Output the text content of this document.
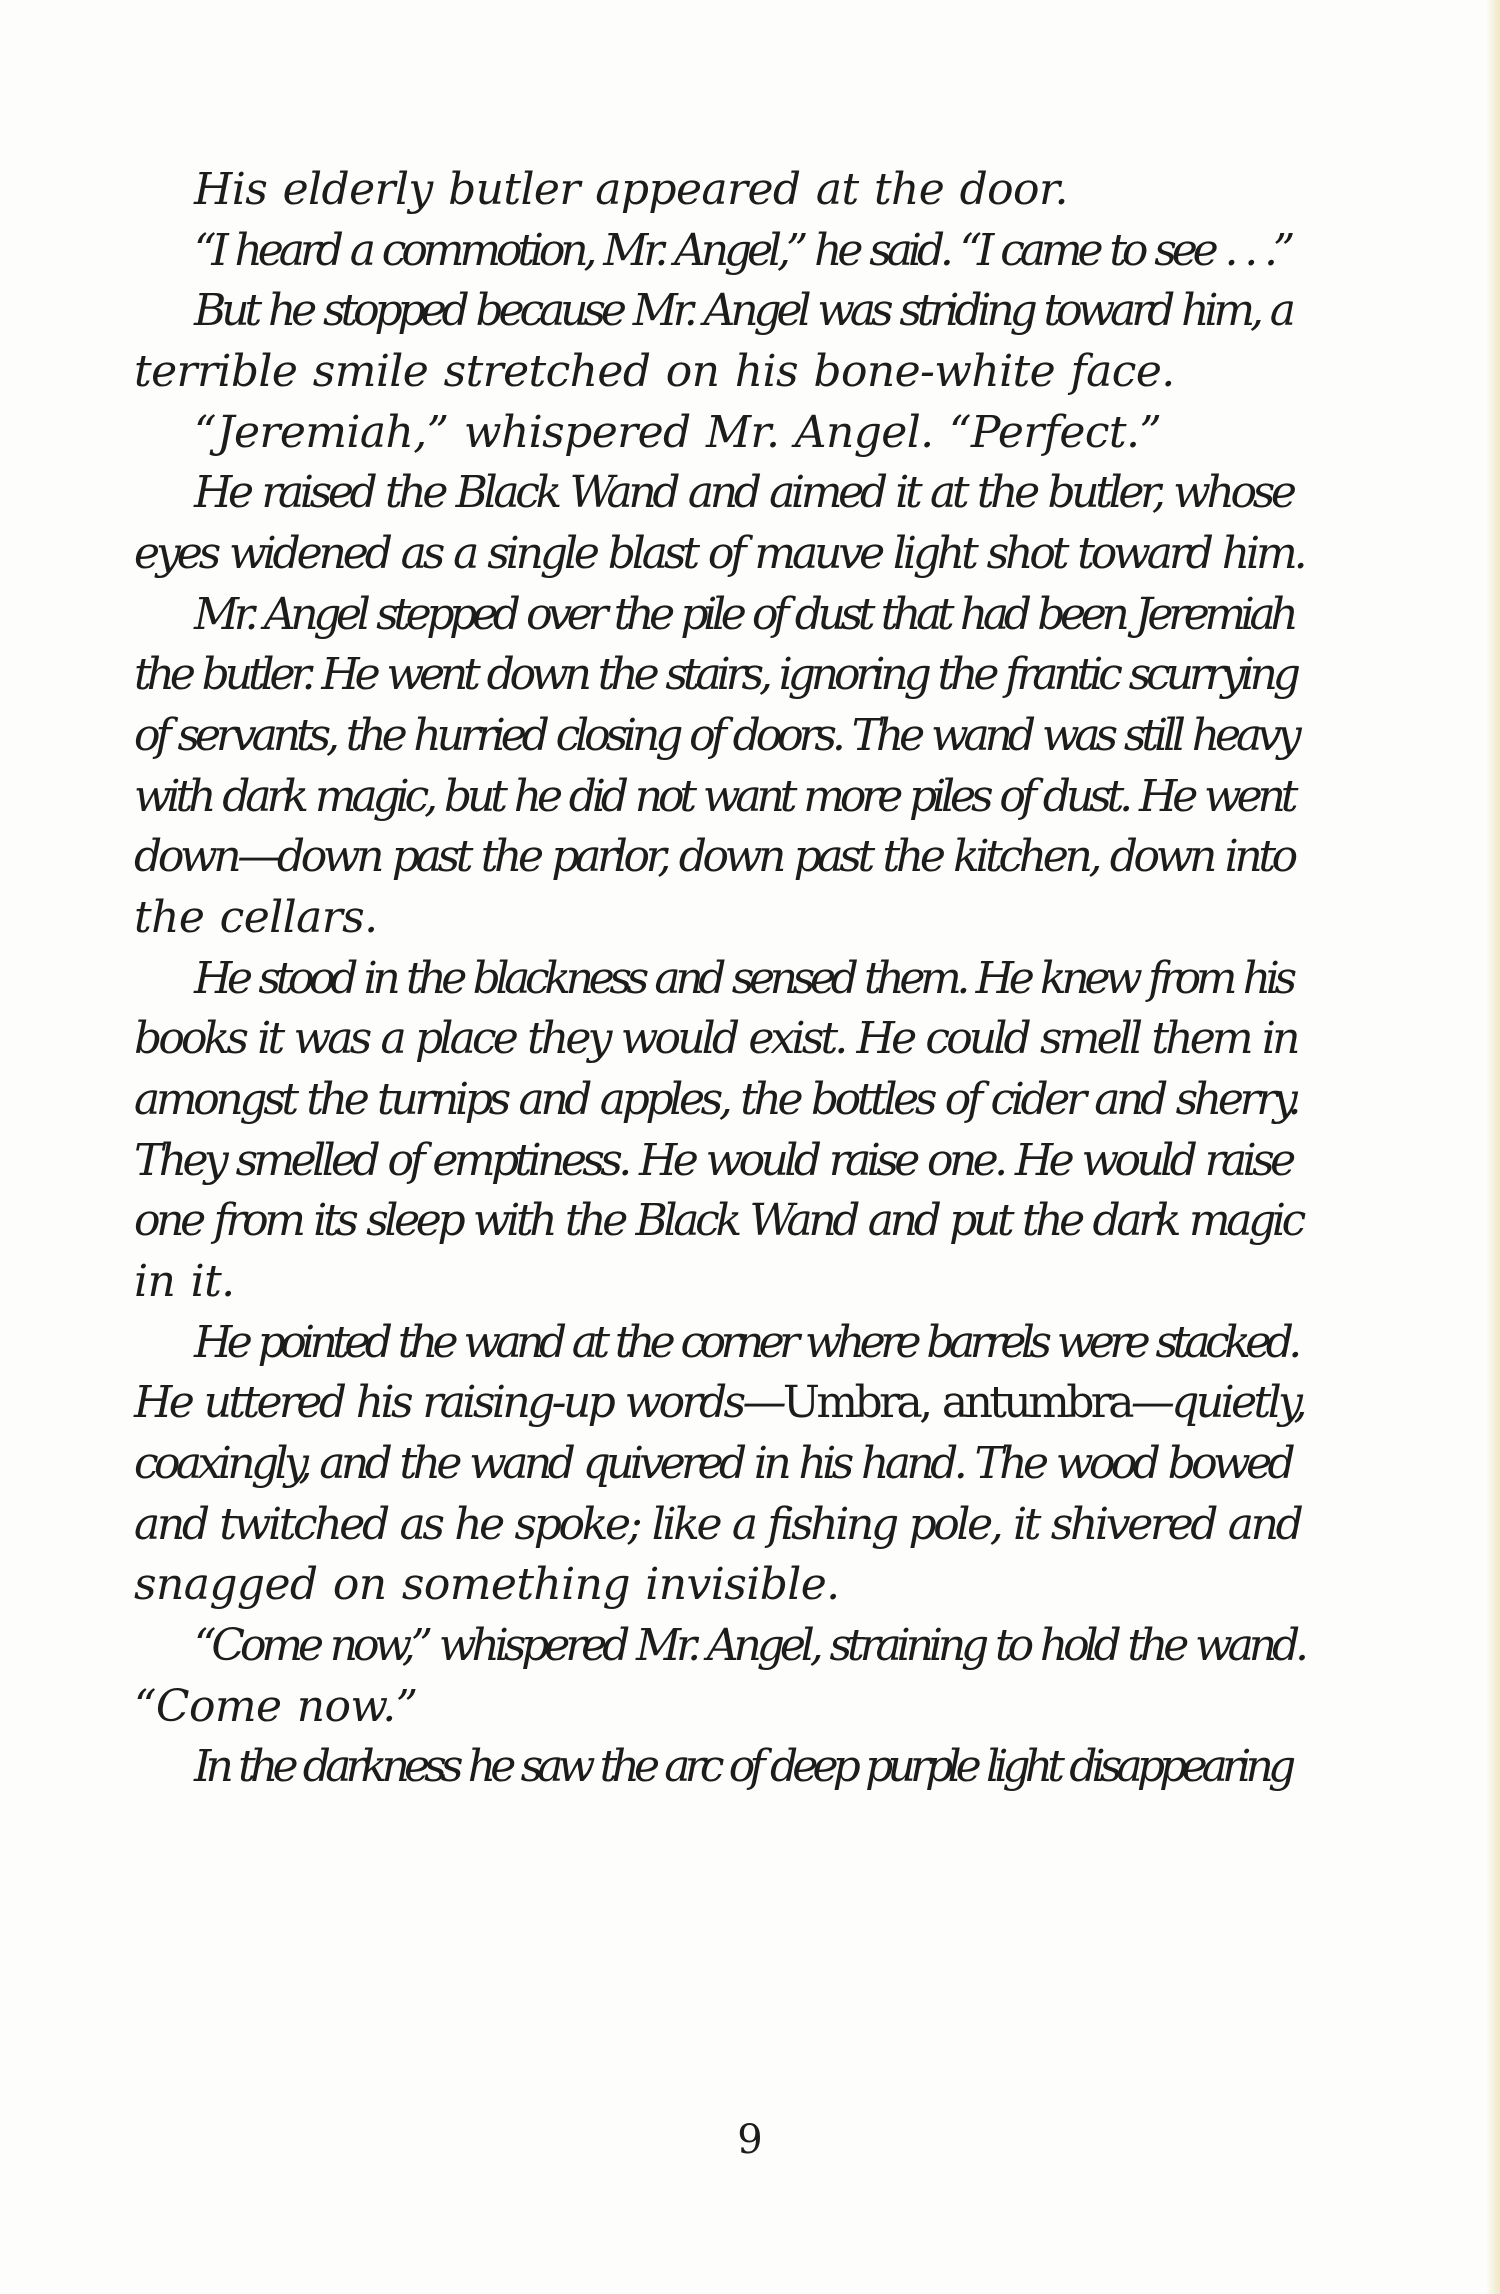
His elderly butler appeared at the door.
“I heard a commotion, Mr. Angel,” he said. “I came to see . . .”
But he stopped because Mr. Angel was striding toward him, a
terrible smile stretched on his bone-white face.
“Jeremiah,” whispered Mr. Angel. “Perfect.”
He raised the Black Wand and aimed it at the butler, whose
eyes widened as a single blast of mauve light shot toward him.
Mr. Angel stepped over the pile of dust that had been Jeremiah
the butler. He went down the stairs, ignoring the frantic scurrying
of servants, the hurried closing of doors. The wand was still heavy
with dark magic, but he did not want more piles of dust. He went
down—down past the parlor, down past the kitchen, down into
the cellars.
He stood in the blackness and sensed them. He knew from his
books it was a place they would exist. He could smell them in
amongst the turnips and apples, the bottles of cider and sherry.
They smelled of emptiness. He would raise one. He would raise
one from its sleep with the Black Wand and put the dark magic
in it.
He pointed the wand at the corner where barrels were stacked.
He uttered his raising-up words—Umbra, antumbra—quietly,
coaxingly, and the wand quivered in his hand. The wood bowed
and twitched as he spoke; like a fishing pole, it shivered and
snagged on something invisible.
“Come now,” whispered Mr. Angel, straining to hold the wand.
“Come now.”
In the darkness he saw the arc of deep purple light disappearing
9
